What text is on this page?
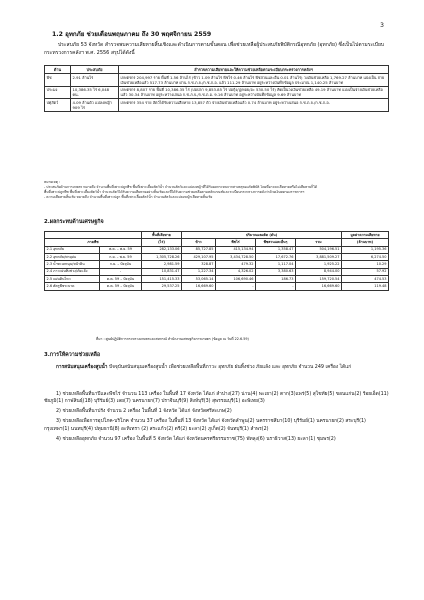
3
1.2 อุทกภัย ช่วยเดือนพฤษภาคม ถึง 30 พฤศจิกายน 2559
ประสบภัย 53 จังหวัด สำรวจพบความเสียหายสิ้นเชิงและดำเนินการตามขั้นตอน เพื่อช่วยเหลือผู้ประสบภัยพิบัติกรณีอุทกภัย (อุทกภัย) ซึ่งเป็นไปตามระเบียบกระทรวงการคลังฯ พ.ศ. 2556 สรุปได้ดังนี้
ด้าน	ประสบภัย	สำรวจความเสียหายและให้ความช่วยเหลือตามระเบียบกระทรวงการคลังฯ
พืช	2.91 ล้านไร่	เกษตรกร 204,997 ราย พื้นที่ 1.56 ล้านไร่ (ข้าว 1.09 ล้านไร่ พืชไร่ 0.46 ล้านไร่ พืชสวนและอื่น 0.01 ล้านไร่) วงเงินช่วยเหลือ 1,769.27 ล้านบาท แบ่งเป็น จ่ายเงินช่วยเหลือแล้ว 517.73 ล้านบาท ผ่าน ก.ช.ภ.จ./ก.ช.ภ.อ. แล้ว 111.29 ล้านบาท อยู่ระหว่างบันทึกข้อมูล ประมาณ 1,140.25 ล้านบาท
ประมง	10,386.35 ไร่ 6,048 คน.	เกษตรกร 8,807 ราย พื้นที่ 10,386.35 ไร่ (บ่อปลา 9,853.85 ไร่ บ่อกุ้ง/ปู/หอย/อะ 530.50 ไร่) คิดเป็นวงเงินช่วยเหลือ 49.19 ล้านบาท แบ่งเป็นจ่ายเงินช่วยเหลือแล้ว 30.34 ล้านบาท อยู่ระหว่างเสนอ ก.ช.ภ.จ./ก.ช.ภ.อ. 9.16 ล้านบาท อยู่ระหว่างบันทึกข้อมูล 9.69 ล้านบาท
ปศุสัตว์	4.09 ล้านตัว แปลงหญ้า 909 ไร่	เกษตรกร 354 ราย สัตว์ได้รับความเสียหาย 13,857 ตัว จ่ายเงินช่วยเหลือแล้ว 0.74 ล้านบาท อยู่ระหว่างเสนอ ก.ช.ภ.จ./ก.ช.ภ.อ.
หมายเหตุ :
- ประสบภัยด้านการเกษตร หมายถึง จำนวนพื้นที่เพาะปลูกพืช พื้นที่เพาะเลี้ยงสัตว์น้ำ จำนวนสัตว์และแปลงหญ้าที่ได้รับผลกระทบจากสาเหตุของภัยพิบัติ โดยที่อาจจะเสียหายหรือไม่เสียหายก็ได้
พื้นที่เพาะปลูกพืช พื้นที่เพาะเลี้ยงสัตว์น้ำ จำนวนสัตว์ได้รับความเสียหายอย่างสิ้นเชิงและที่ได้รับความช่วยเหลือตามหลักเกณฑ์และระเบียบกระทรวงการคลังว่าด้วยเงินทดรองราชการฯ
- ความเสียหายสิ้นเชิง หมายถึง จำนวนพื้นที่เพาะปลูก พื้นที่เพาะเลี้ยงสัตว์น้ำ จำนวนสัตว์และแปลงหญ้าเสียหายสิ้นเชิง
2.ผลกระทบด้านเศรษฐกิจ
		พื้นที่เสียหาย	ปริมาณผลผลิต (ตัน)				มูลค่าความเสียหาย
ภาคพืช		(ไร่)	ข้าว	พืชไร่	พืชสวนและอื่นๆ	รวม	(ล้านบาท)
2.1 อุทกภัย	พ.ค. – พ.ย. 59	282,133.06	85,727.85	415,134.94	1,358.47	504,196.51	1,195.36
2.2 อุทกภัย/พายุฝน	ก.ย. – พ.ย. 59	1,305,728.26	429,107.95	3,434,728.50	17,672.76	3,881,509.27	6,274.50
2.3 น้ำทะเลหนุน/หน้าดิน	ก.ย. – ปัจจุบัน	2,981.59	328.87	479.32	1,117.04	1,925.22	10.29
2.4 ภาวะฝนทิ้งช่วง/ภัยแล้ง	-	10,831.47	1,227.34	4,326.02	3,380.63	8,944.00	57.92
2.5 แผ่นดินไหว	ต.ค. 59 – ปัจจุบัน	151,415.33	53,065.14	106,690.46	186.73	159,720.54	474.53
2.6 ศัตรูพืชระบาด	ต.ค. 59 – ปัจจุบัน	29,537.25	16,669.60	-	-	16,669.60	119.48
ที่มา : ศูนย์ปฏิบัติการกระทรวงเกษตรและสหกรณ์ สำนักงานเศรษฐกิจการเกษตร (ข้อมูล ณ วันที่ 22.6.59)
3.การให้ความช่วยเหลือ
การสนับสนุนเครื่องสูบน้ำ ปัจจุบันสนับสนุนเครื่องสูบน้ำ เพื่อช่วยเหลือพื้นที่ภาวะ อุทกภัย ฝนทิ้งช่วง ภัยแล้ง และ อุทกภัย จำนวน 249 เครื่อง ได้แก่

1) ช่วยเหลือพื้นที่นาปีและพืชไร่ จำนวน 113 เครื่อง ในพื้นที่ 17 จังหวัด ได้แก่ ลำปาง(27) น่าน(4) พะเยา(2) ตาก(3)แพร่(5) สุโขทัย(5) ขอนแก่น(2) ร้อยเอ็ด(11) ชัยภูมิ(1) กาฬสินธุ์(18) บุรีรัมย์(3) เลย(7) นครนายก(7) ปราจีนบุรี(9) สิงห์บุรี(3) สุพรรณบุรี(1) อะพิเทย(3)

2) ช่วยเหลือพื้นที่นาปรัง จำนวน 2 เครื่อง ในพื้นที่ 1 จังหวัด ได้แก่ จังหวัดศรีสะเกษ(2)

3) ช่วยเหลือเพื่อการอุปโภค-บริโภค จำนวน 37 เครื่อง ในพื้นที่ 13 จังหวัด ได้แก่ จังหวัดลำพูน(2) นครราชสีมา(10) บุรีรัมย์(1) นครนายก(2) สระบุรี(1) กรุงเทพฯ(1) นนทบุรี(4) ปทุมธานี(8) อะทิเทรา (2) สระแก้ว(2) ตรี(2) ยะลา(2) ภูเก็ต(2) จันทบุรี(1) ลำพร(2)

4) ช่วยเหลืออุทกภัย จำนวน 97 เครื่อง ในพื้นที่ 5 จังหวัด ได้แก่ จังหวัดนครศรีธรรมราช(75) พัทลุง(6) นราธิวาส(13) ยะลา(1) ชุมพร(2)
